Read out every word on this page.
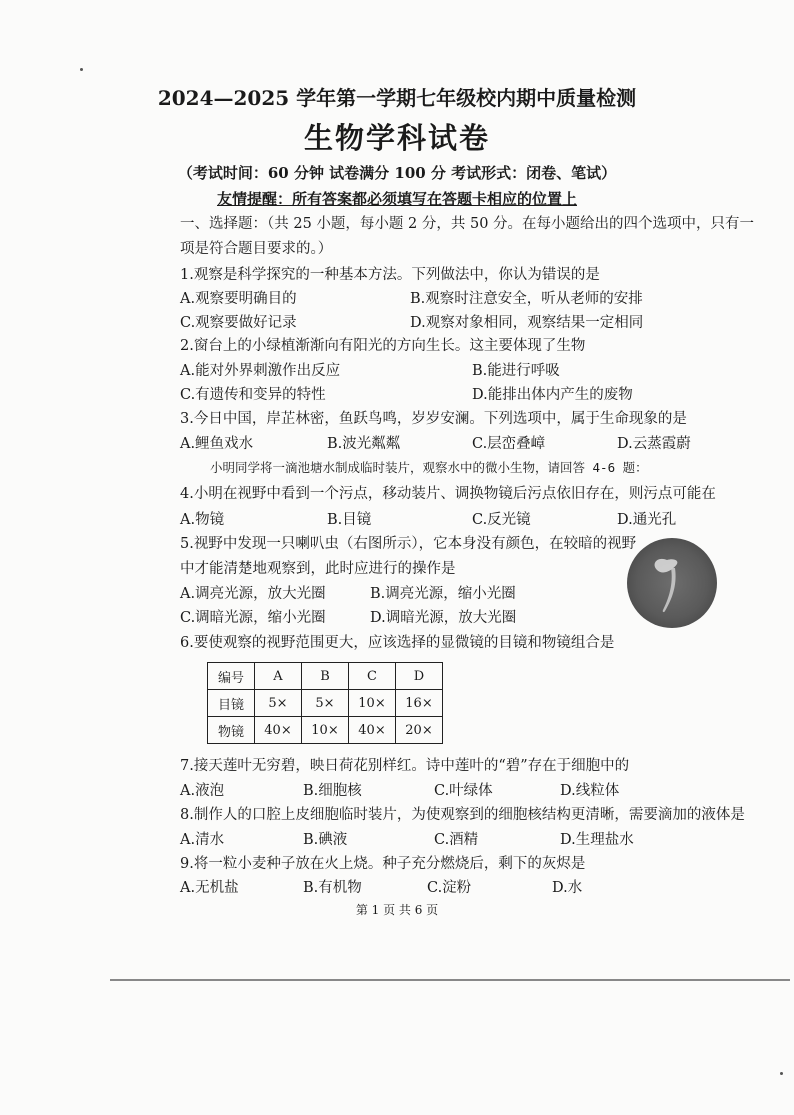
2024—2025 学年第一学期七年级校内期中质量检测
生物学科试卷
（考试时间：60 分钟 试卷满分 100 分 考试形式：闭卷、笔试）
友情提醒：所有答案都必须填写在答题卡相应的位置上
一、选择题：（共 25 小题，每小题 2 分，共 50 分。在每小题给出的四个选项中，只有一
项是符合题目要求的。）
1.观察是科学探究的一种基本方法。下列做法中，你认为错误的是
A.观察要明确目的	B.观察时注意安全，听从老师的安排
C.观察要做好记录	D.观察对象相同，观察结果一定相同
2.窗台上的小绿植渐渐向有阳光的方向生长。这主要体现了生物
A.能对外界刺激作出反应	B.能进行呼吸
C.有遗传和变异的特性	D.能排出体内产生的废物
3.今日中国，岸芷林密，鱼跃鸟鸣，岁岁安澜。下列选项中，属于生命现象的是
A.鲤鱼戏水	B.波光粼粼	C.层峦叠嶂	D.云蒸霞蔚
小明同学将一滴池塘水制成临时装片，观察水中的微小生物，请回答 4-6 题：
4.小明在视野中看到一个污点，移动装片、调换物镜后污点依旧存在，则污点可能在
A.物镜	B.目镜	C.反光镜	D.通光孔
5.视野中发现一只喇叭虫（右图所示），它本身没有颜色，在较暗的视野
中才能清楚地观察到，此时应进行的操作是
A.调亮光源，放大光圈	B.调亮光源，缩小光圈
C.调暗光源，缩小光圈	D.调暗光源，放大光圈
6.要使观察的视野范围更大，应该选择的显微镜的目镜和物镜组合是
编号	A	B	C	D
目镜	5×	5×	10×	16×
物镜	40×	10×	40×	20×
7.接天莲叶无穷碧，映日荷花别样红。诗中莲叶的“碧”存在于细胞中的
A.液泡	B.细胞核	C.叶绿体	D.线粒体
8.制作人的口腔上皮细胞临时装片，为使观察到的细胞核结构更清晰，需要滴加的液体是
A.清水	B.碘液	C.酒精	D.生理盐水
9.将一粒小麦种子放在火上烧。种子充分燃烧后，剩下的灰烬是
A.无机盐	B.有机物	C.淀粉	D.水
第 1 页 共 6 页
